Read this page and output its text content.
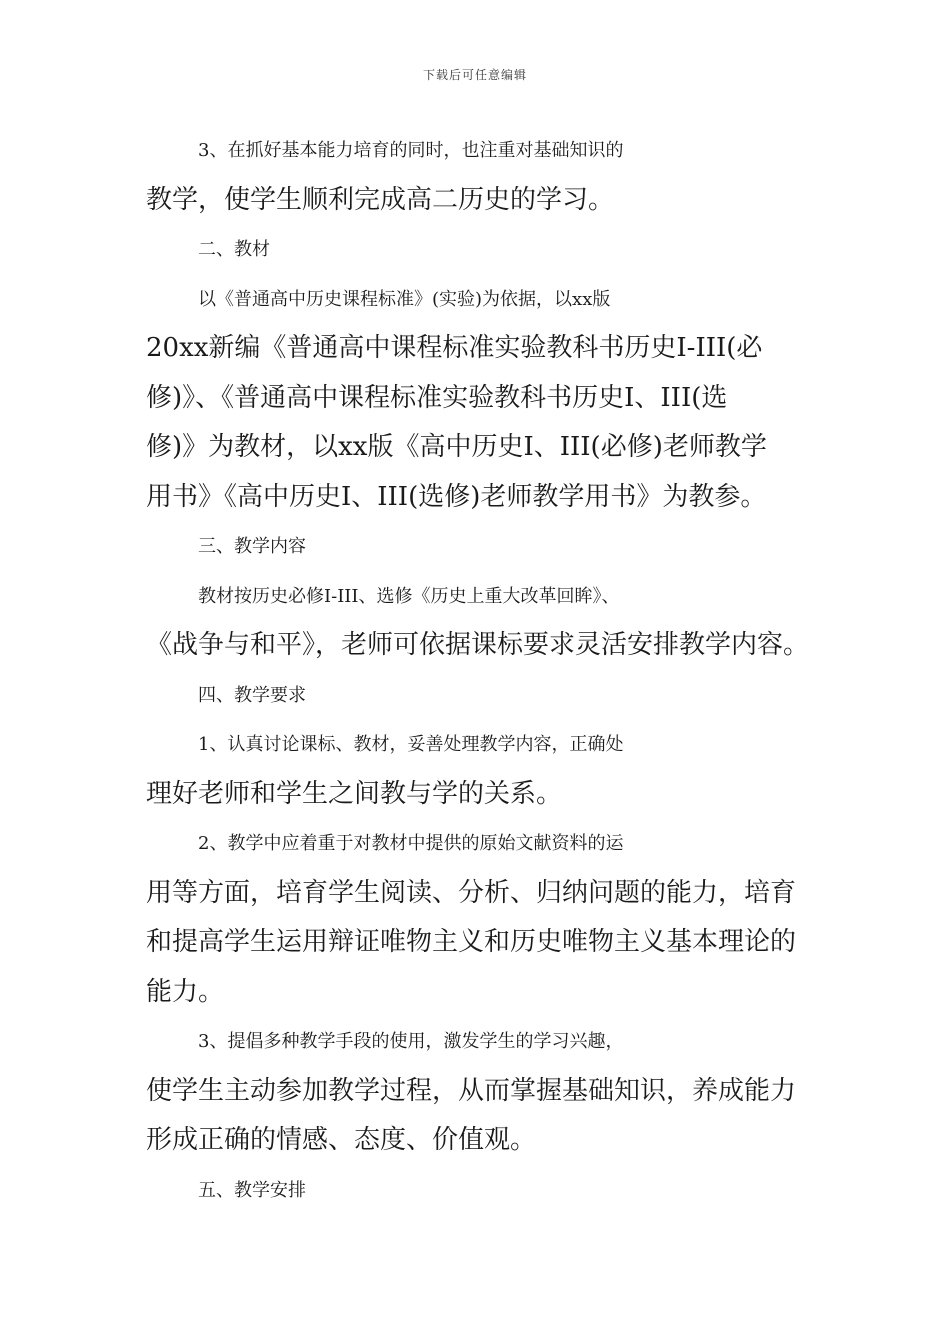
下载后可任意编辑
3、在抓好基本能力培育的同时，也注重对基础知识的
教学，使学生顺利完成高二历史的学习。
二、教材
以《普通高中历史课程标准》(实验)为依据，以xx版
20xx新编《普通高中课程标准实验教科书历史I-III(必
修)》、《普通高中课程标准实验教科书历史I、III(选
修)》为教材，以xx版《高中历史I、III(必修)老师教学
用书》《高中历史I、III(选修)老师教学用书》为教参。
三、教学内容
教材按历史必修I-III、选修《历史上重大改革回眸》、
《战争与和平》，老师可依据课标要求灵活安排教学内容。
四、教学要求
1、认真讨论课标、教材，妥善处理教学内容，正确处
理好老师和学生之间教与学的关系。
2、教学中应着重于对教材中提供的原始文献资料的运
用等方面，培育学生阅读、分析、归纳问题的能力，培育
和提高学生运用辩证唯物主义和历史唯物主义基本理论的
能力。
3、提倡多种教学手段的使用，激发学生的学习兴趣，
使学生主动参加教学过程，从而掌握基础知识，养成能力
形成正确的情感、态度、价值观。
五、教学安排
